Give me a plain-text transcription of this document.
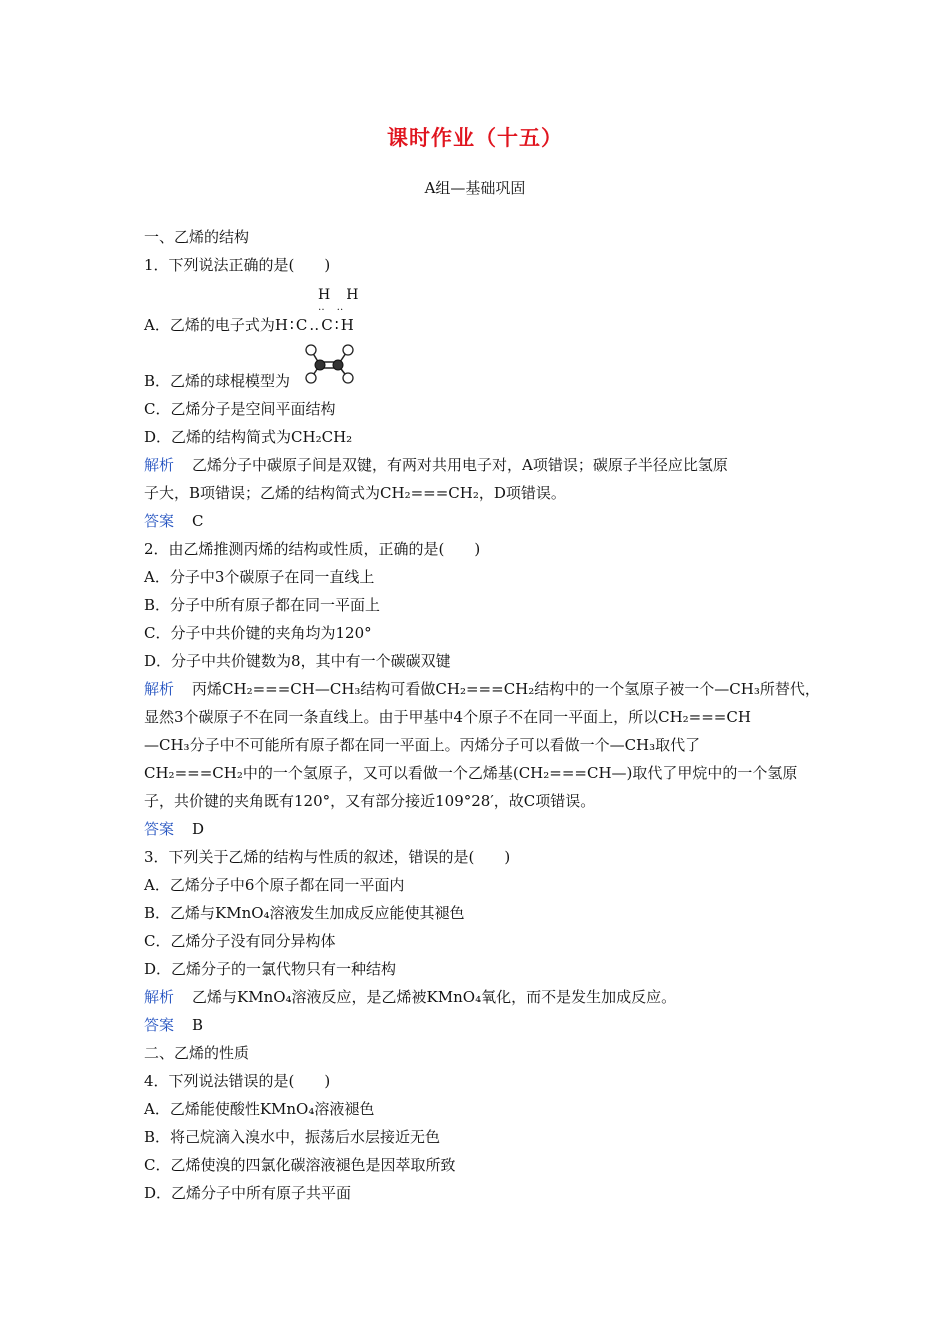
课时作业（十五）
A组—基础巩固
一、乙烯的结构
1．下列说法正确的是(　　)
H　H
‥　‥
A．乙烯的电子式为H∶C‥C∶H
B．乙烯的球棍模型为
C．乙烯分子是空间平面结构
D．乙烯的结构简式为CH₂CH₂
解析 乙烯分子中碳原子间是双键，有两对共用电子对，A项错误；碳原子半径应比氢原
子大，B项错误；乙烯的结构简式为CH₂===CH₂，D项错误。
答案 C
2．由乙烯推测丙烯的结构或性质，正确的是(　　)
A．分子中3个碳原子在同一直线上
B．分子中所有原子都在同一平面上
C．分子中共价键的夹角均为120°
D．分子中共价键数为8，其中有一个碳碳双键
解析 丙烯CH₂===CH—CH₃结构可看做CH₂===CH₂结构中的一个氢原子被一个—CH₃所替代，
显然3个碳原子不在同一条直线上。由于甲基中4个原子不在同一平面上，所以CH₂===CH
—CH₃分子中不可能所有原子都在同一平面上。丙烯分子可以看做一个—CH₃取代了
CH₂===CH₂中的一个氢原子，又可以看做一个乙烯基(CH₂===CH—)取代了甲烷中的一个氢原
子，共价键的夹角既有120°，又有部分接近109°28′，故C项错误。
答案 D
3．下列关于乙烯的结构与性质的叙述，错误的是(　　)
A．乙烯分子中6个原子都在同一平面内
B．乙烯与KMnO₄溶液发生加成反应能使其褪色
C．乙烯分子没有同分异构体
D．乙烯分子的一氯代物只有一种结构
解析 乙烯与KMnO₄溶液反应，是乙烯被KMnO₄氧化，而不是发生加成反应。
答案 B
二、乙烯的性质
4．下列说法错误的是(　　)
A．乙烯能使酸性KMnO₄溶液褪色
B．将己烷滴入溴水中，振荡后水层接近无色
C．乙烯使溴的四氯化碳溶液褪色是因萃取所致
D．乙烯分子中所有原子共平面
